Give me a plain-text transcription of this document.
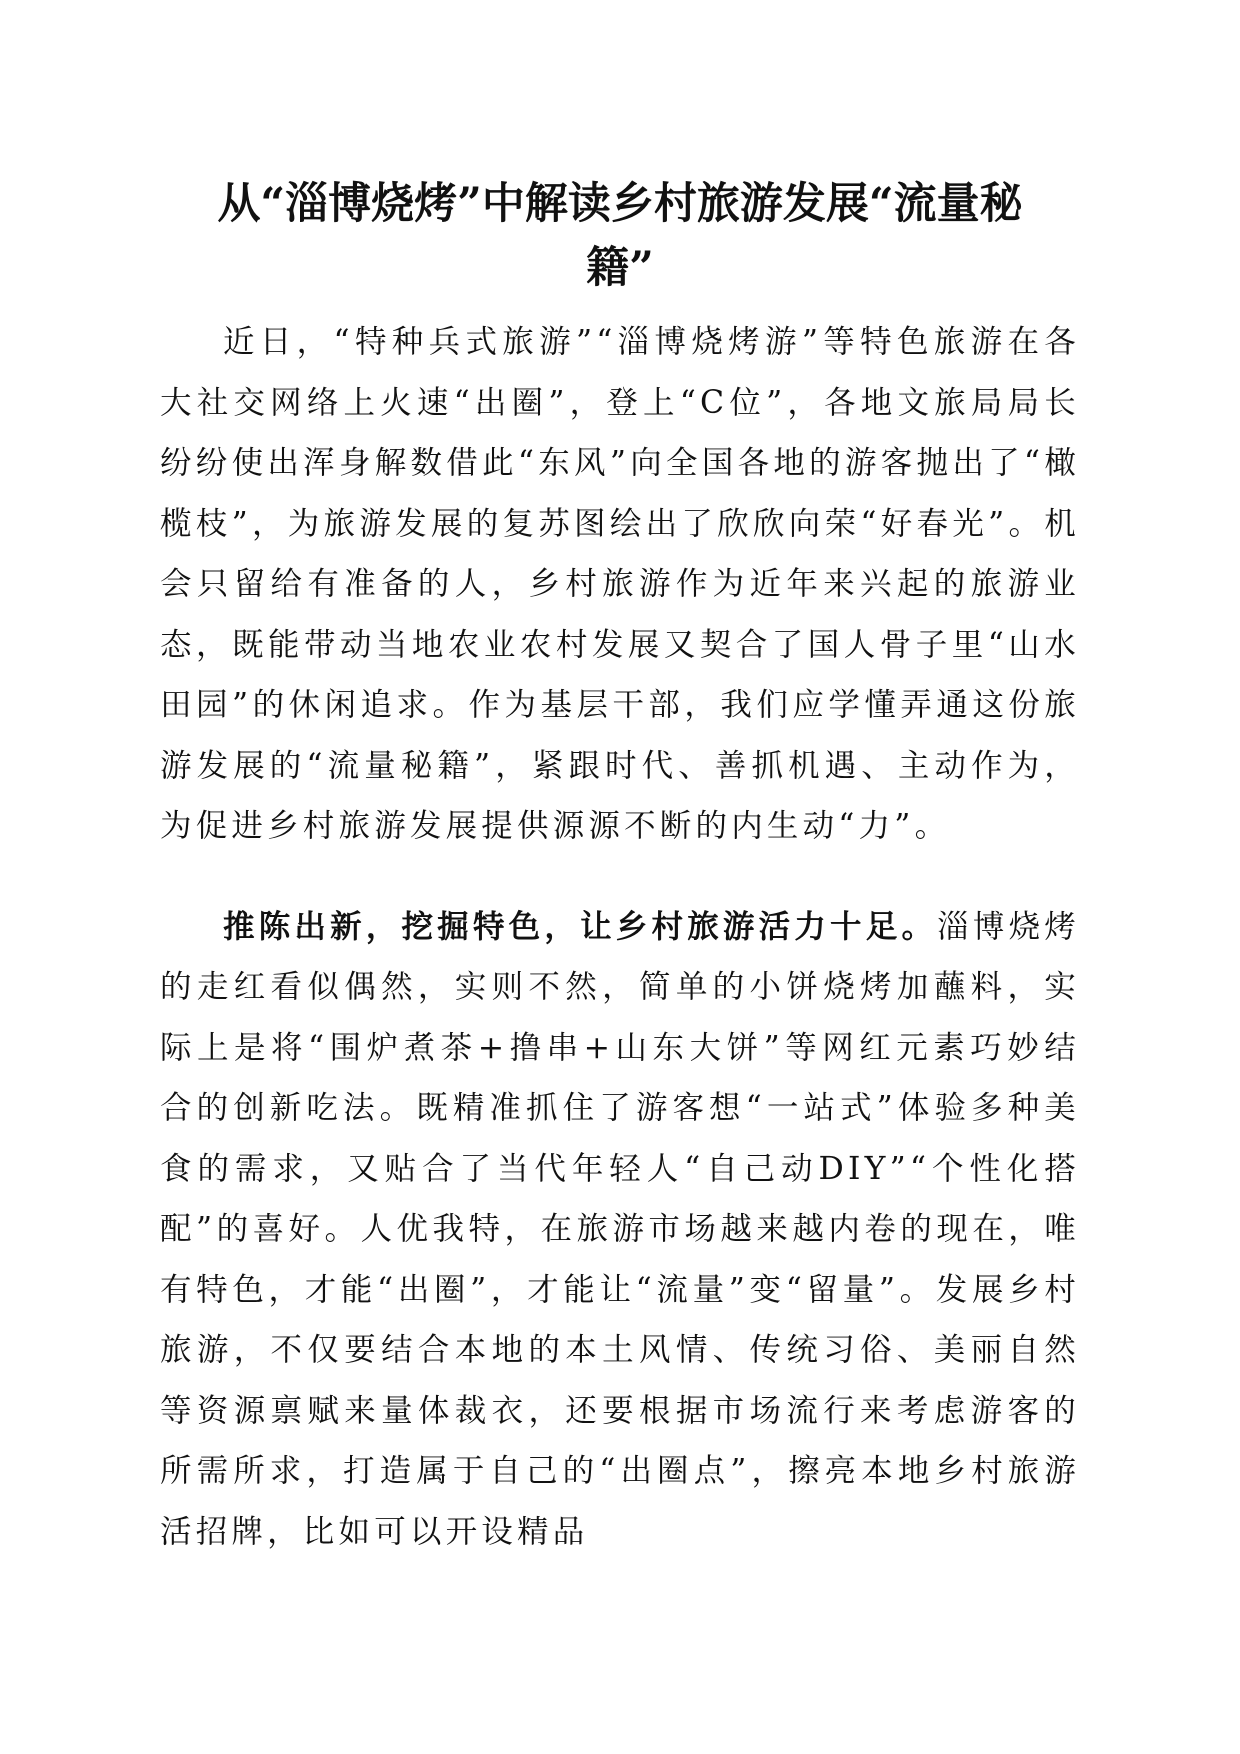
从“淄博烧烤”中解读乡村旅游发展“流量秘
籍”

近日，“特种兵式旅游”“淄博烧烤游”等特色旅游在各大社交网络上火速“出圈”，登上“C位”，各地文旅局局长纷纷使出浑身解数借此“东风”向全国各地的游客抛出了“橄榄枝”，为旅游发展的复苏图绘出了欣欣向荣“好春光”。机会只留给有准备的人，乡村旅游作为近年来兴起的旅游业态，既能带动当地农业农村发展又契合了国人骨子里“山水田园”的休闲追求。作为基层干部，我们应学懂弄通这份旅游发展的“流量秘籍”，紧跟时代、善抓机遇、主动作为，为促进乡村旅游发展提供源源不断的内生动“力”。

推陈出新，挖掘特色，让乡村旅游活力十足。淄博烧烤的走红看似偶然，实则不然，简单的小饼烧烤加蘸料，实际上是将“围炉煮茶+撸串+山东大饼”等网红元素巧妙结合的创新吃法。既精准抓住了游客想“一站式”体验多种美食的需求，又贴合了当代年轻人“自己动DIY”“个性化搭配”的喜好。人优我特，在旅游市场越来越内卷的现在，唯有特色，才能“出圈”，才能让“流量”变“留量”。发展乡村旅游，不仅要结合本地的本土风情、传统习俗、美丽自然等资源禀赋来量体裁衣，还要根据市场流行来考虑游客的所需所求，打造属于自己的“出圈点”，擦亮本地乡村旅游活招牌，比如可以开设精品
